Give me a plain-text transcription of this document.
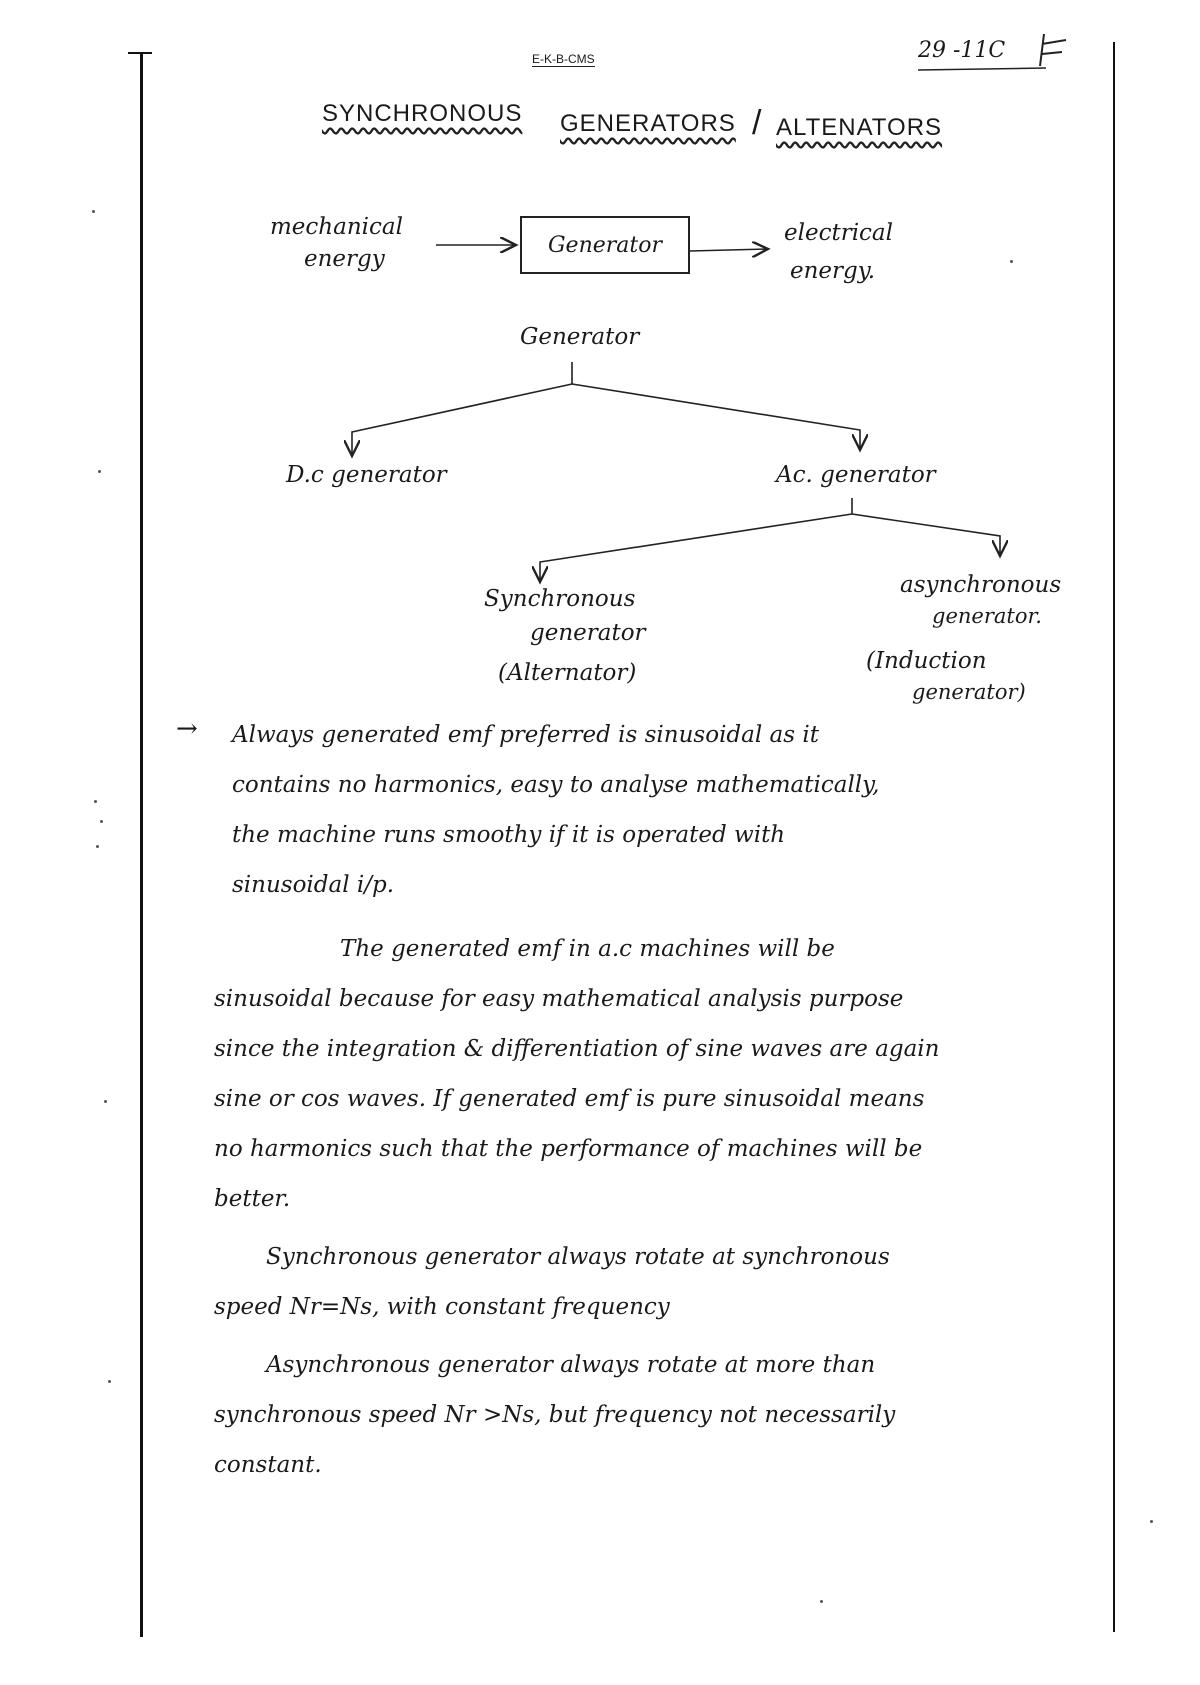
E-K-B-CMS	29 -11C
SYNCHRONOUS GENERATORS / ALTENATORS
mechanical
energy
Generator	electrical
energy.
Generator
D.c generator	Ac. generator
Synchronous
generator
(Alternator)
asynchronous
generator.
(Induction
generator)
→ Always generated emf preferred is sinusoidal as it
contains no harmonics, easy to analyse mathematically,
the machine runs smoothy if it is operated with
sinusoidal i/p.
The generated emf in a.c machines will be
sinusoidal because for easy mathematical analysis purpose
since the integration & differentiation of sine waves are again
sine or cos waves. If generated emf is pure sinusoidal means
no harmonics such that the performance of machines will be
better.
Synchronous generator always rotate at synchronous
speed Nr=Ns, with constant frequency
Asynchronous generator always rotate at more than
synchronous speed Nr >Ns, but frequency not necessarily
constant.
